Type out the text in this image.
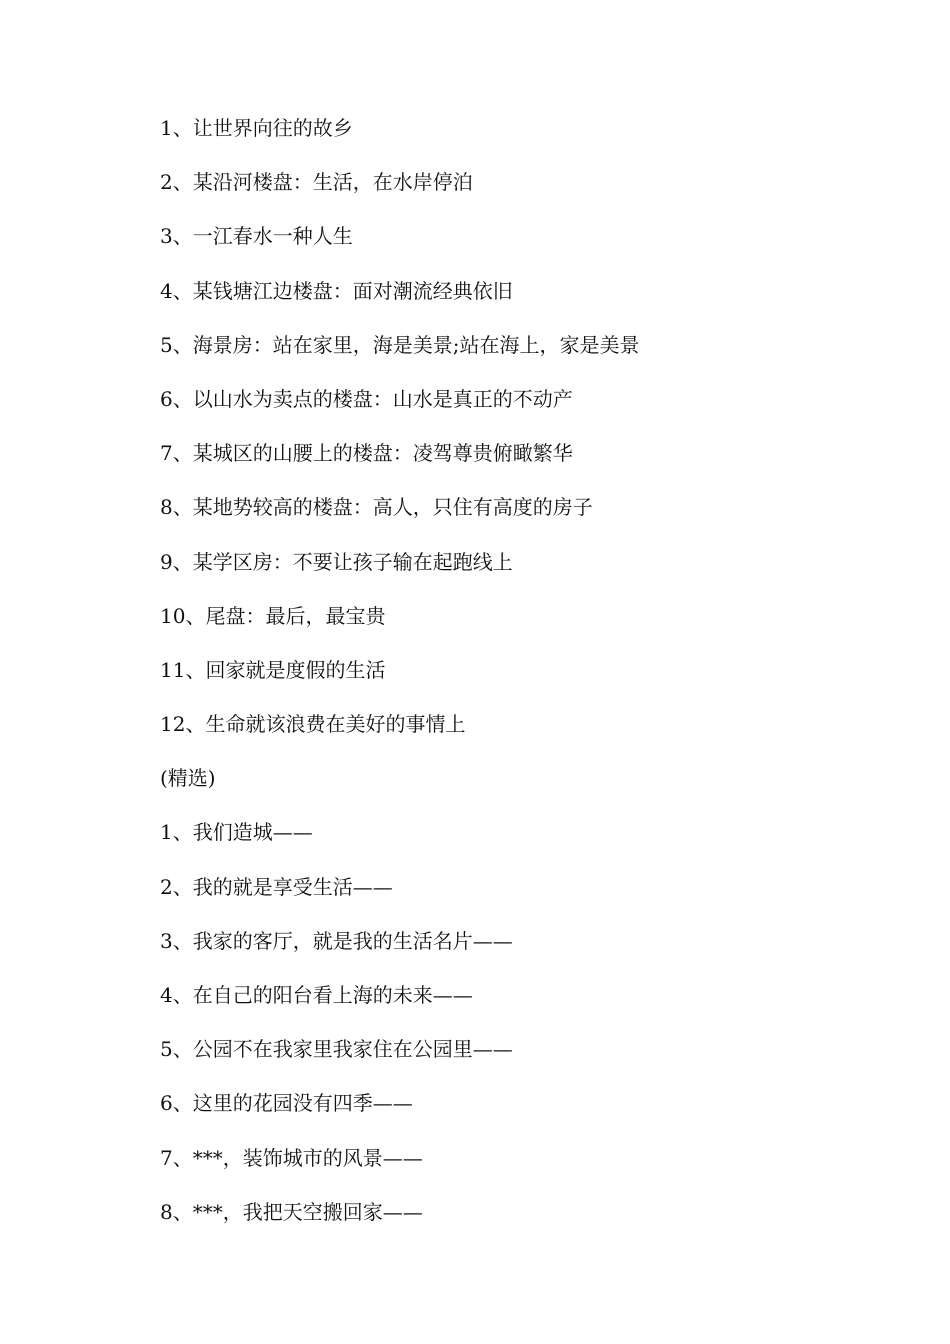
1、让世界向往的故乡
2、某沿河楼盘：生活，在水岸停泊
3、一江春水一种人生
4、某钱塘江边楼盘：面对潮流经典依旧
5、海景房：站在家里，海是美景;站在海上，家是美景
6、以山水为卖点的楼盘：山水是真正的不动产
7、某城区的山腰上的楼盘：凌驾尊贵俯瞰繁华
8、某地势较高的楼盘：高人，只住有高度的房子
9、某学区房：不要让孩子输在起跑线上
10、尾盘：最后，最宝贵
11、回家就是度假的生活
12、生命就该浪费在美好的事情上
(精选)
1、我们造城——
2、我的就是享受生活——
3、我家的客厅，就是我的生活名片——
4、在自己的阳台看上海的未来——
5、公园不在我家里我家住在公园里——
6、这里的花园没有四季——
7、***，装饰城市的风景——
8、***，我把天空搬回家——
